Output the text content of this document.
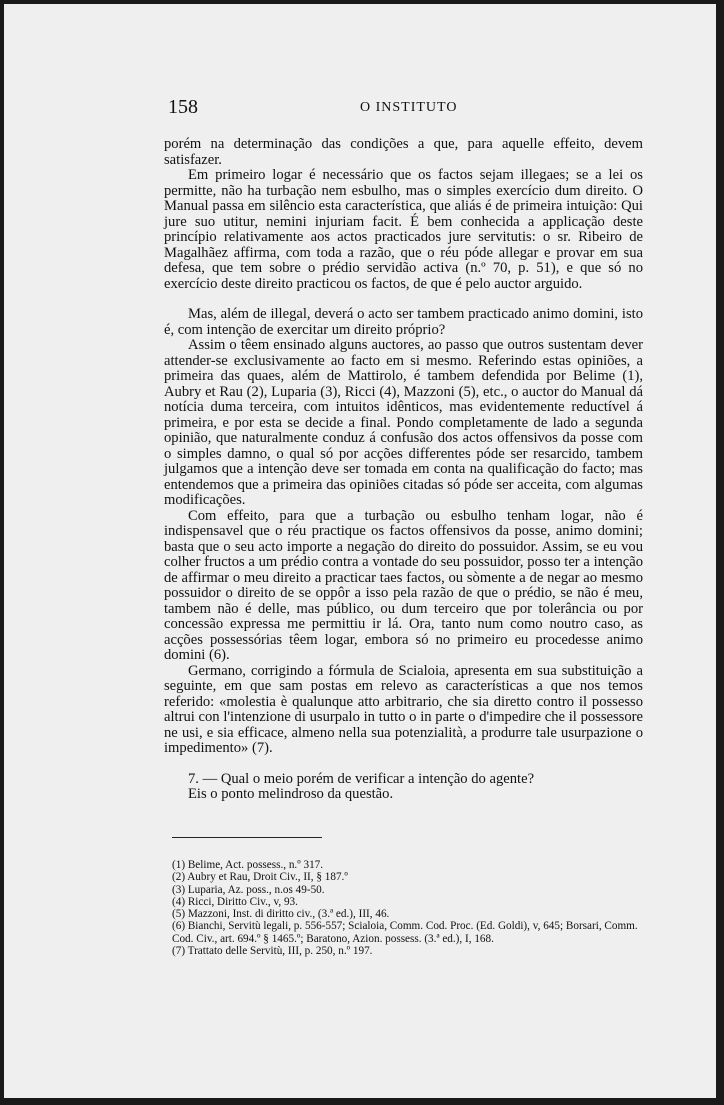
158	O INSTITUTO

porém na determinação das condições a que, para aquelle effeito, devem satisfazer.

Em primeiro logar é necessário que os factos sejam illegaes; se a lei os permitte, não ha turbação nem esbulho, mas o simples exercício dum direito. O Manual passa em silêncio esta característica, que aliás é de primeira intuição: Qui jure suo utitur, nemini injuriam facit. É bem conhecida a applicação deste princípio relativamente aos actos practicados jure servitutis: o sr. Ribeiro de Magalhãez affirma, com toda a razão, que o réu póde allegar e provar em sua defesa, que tem sobre o prédio servidão activa (n.º 70, p. 51), e que só no exercício deste direito practicou os factos, de que é pelo auctor arguido.

Mas, além de illegal, deverá o acto ser tambem practicado animo domini, isto é, com intenção de exercitar um direito próprio?

Assim o têem ensinado alguns auctores, ao passo que outros sustentam dever attender-se exclusivamente ao facto em si mesmo. Referindo estas opiniões, a primeira das quaes, além de Mattirolo, é tambem defendida por Belime (1), Aubry et Rau (2), Luparia (3), Ricci (4), Mazzoni (5), etc., o auctor do Manual dá notícia duma terceira, com intuitos idênticos, mas evidentemente reductível á primeira, e por esta se decide a final. Pondo completamente de lado a segunda opinião, que naturalmente conduz á confusão dos actos offensivos da posse com o simples damno, o qual só por acções differentes póde ser resarcido, tambem julgamos que a intenção deve ser tomada em conta na qualificação do facto; mas entendemos que a primeira das opiniões citadas só póde ser acceita, com algumas modificações.

Com effeito, para que a turbação ou esbulho tenham logar, não é indispensavel que o réu practique os factos offensivos da posse, animo domini; basta que o seu acto importe a negação do direito do possuidor. Assim, se eu vou colher fructos a um prédio contra a vontade do seu possuidor, posso ter a intenção de affirmar o meu direito a practicar taes factos, ou sòmente a de negar ao mesmo possuidor o direito de se oppôr a isso pela razão de que o prédio, se não é meu, tambem não é delle, mas público, ou dum terceiro que por tolerância ou por concessão expressa me permittiu ir lá. Ora, tanto num como noutro caso, as acções possessórias têem logar, embora só no primeiro eu procedesse animo domini (6).

Germano, corrigindo a fórmula de Scialoia, apresenta em sua substituição a seguinte, em que sam postas em relevo as características a que nos temos referido: «molestia è qualunque atto arbitrario, che sia diretto contro il possesso altrui con l'intenzione di usurpalo in tutto o in parte o d'impedire che il possessore ne usi, e sia efficace, almeno nella sua potenzialità, a produrre tale usurpazione o impedimento» (7).

7. — Qual o meio porém de verificar a intenção do agente?

Eis o ponto melindroso da questão.

(1) Belime, Act. possess., n.º 317.
(2) Aubry et Rau, Droit Civ., II, § 187.º
(3) Luparia, Az. poss., n.os 49-50.
(4) Ricci, Diritto Civ., v, 93.
(5) Mazzoni, Inst. di diritto civ., (3.ª ed.), III, 46.
(6) Bianchi, Servitù legali, p. 556-557; Scialoia, Comm. Cod. Proc. (Ed. Goldi), v, 645; Borsari, Comm. Cod. Civ., art. 694.º § 1465.º; Baratono, Azion. possess. (3.ª ed.), I, 168.
(7) Trattato delle Servitù, III, p. 250, n.º 197.
